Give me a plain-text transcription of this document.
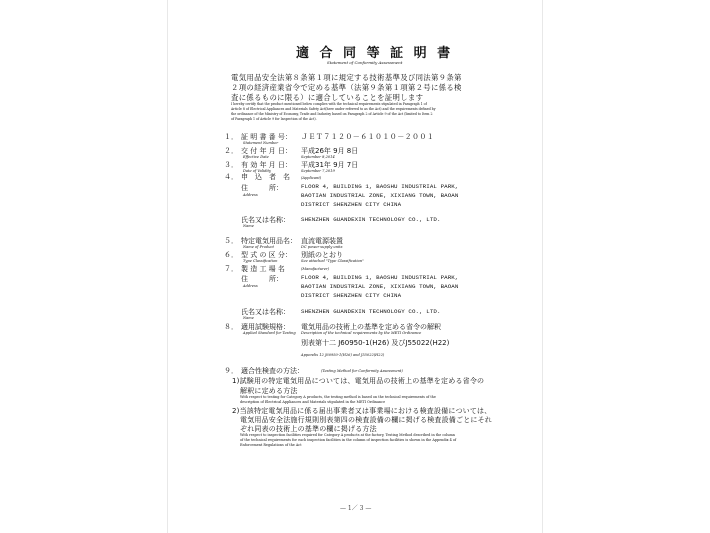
適 合 同 等 証 明 書
Statement of Conformity Assessment
電気用品安全法第８条第１項に規定する技術基準及び同法第９条第
２項の経済産業省令で定める基準（法第９条第１項第２号に係る検
査に係るものに限る）に適合していることを証明します
I hereby certify that the product mentioned below complies with the technical requirements stipulated in Paragraph 1 of
Article 8 of Electrical Appliances and Materials Safety Act(here under referred to as the Act) and the requirements defined by
the ordinance of the Ministry of Economy, Trade and Industry based on Paragraph 2 of Article 9 of the Act (limited to Item 2
of Paragraph 1 of Article 9 for Inspection of the Act).
１． 証 明 書 番 号：
Statement Number
ＪＥＴ７１２０－６１０１０－２００１
２． 交 付 年 月 日：
Effective Date
平成26年 9月 8日
September 8,2014
３． 有 効 年 月 日：
Date of Validity
平成31年 9月 7日
September 7,2019
４． 申　込　者　名	(Applicant)
住　　　所：
Address
FLOOR 4, BUILDING 1, BAOSHU INDUSTRIAL PARK,
BAOTIAN INDUSTRIAL ZONE, XIXIANG TOWN, BAOAN
DISTRICT SHENZHEN CITY CHINA
氏名又は名称：
Name
SHENZHEN GUANDEXIN TECHNOLOGY CO., LTD.
５． 特定電気用品名：
Name of Product
直流電源装置
DC power supply units
６． 型 式 の 区 分：
Type Classification
別紙のとおり
See attached "Type Classification"
７． 製 造 工 場 名	(Manufacturer)
住　　　所：
Address
FLOOR 4, BUILDING 1, BAOSHU INDUSTRIAL PARK,
BAOTIAN INDUSTRIAL ZONE, XIXIANG TOWN, BAOAN
DISTRICT SHENZHEN CITY CHINA
氏名又は名称：
Name
SHENZHEN GUANDEXIN TECHNOLOGY CO., LTD.
８． 適用試験規格：
Applied Standard for Testing
電気用品の技術上の基準を定める省令の解釈
Description of the technical requirements by the METI Ordinance
別表第十二 J60950-1(H26) 及びJ55022(H22)
Appendix 12 J60950-1(H26) and J55022(H22)
９． 適合性検査の方法：	(Testing Method for Conformity Assessment)
1)試験用の特定電気用品については、電気用品の技術上の基準を定める省令の
解釈に定める方法
With respect to testing for Category A products, the testing method is based on the technical requirements of the
description of Electrical Appliances and Materials stipulated in the METI Ordinance
2)当該特定電気用品に係る届出事業者又は事業場における検査設備については、
電気用品安全法施行規則別表第四の検査設備の欄に掲げる検査設備ごとにそれ
ぞれ同表の技術上の基準の欄に掲げる方法
With respect to inspection facilities required for Category A products at the factory, Testing Method described in the column
of the technical requirements for each inspection facilities in the column of inspection facilities is shown in the Appendix 4 of
Enforcement Regulations of the Act
— 1／ 3 —
